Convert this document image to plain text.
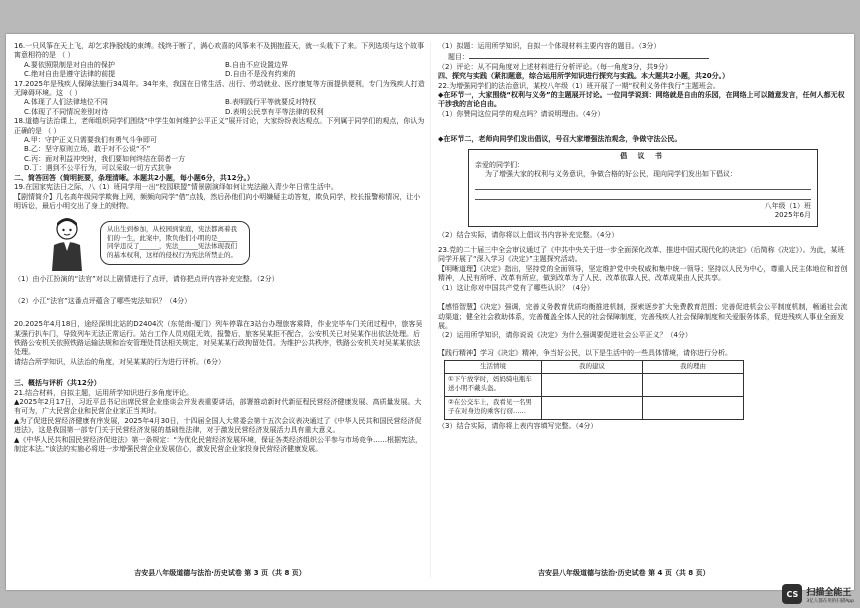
16.一只风筝在天上飞，却乞求挣脱线的束缚。线终于断了，满心欢喜的风筝来不及拥抱蓝天，就一头栽下了来。下列选项与这个故事寓意相符的是 （ ）

A.要依照限制是对自由的保护	B.自由不应设置边界
C.绝对自由是遵守法律的前提	D.自由不是没有约束的

17.2025年是残疾人保障法施行34周年。34年来，我国在日常生活、出行、劳动就业、医疗康复等方面提供便利，专门为残疾人打造无障碍环境。这 （ ）

A.体现了人们法律地位不同	B.表明践行平等就要反对特权
C.体现了不同情况差别对待	D.表明公民享有平等法律的权利

18.道德与法治课上，老师组织同学们围绕“中学生如何维护公平正义”展开讨论，大家纷纷表达观点。下列属于同学们的观点，你认为正确的是 （ ）

A.甲：守护正义只需要我们有勇气斗争即可

B.乙：坚守原则立场，敢于对不公说“不”

C.丙：面对利益冲突时，我们要如何终结在弱者一方

D.丁：遇到不公平行为，可以采取一切方式抗争

二、简答回答（简明扼要，条理清晰。本题共2小题，每小题6分，共12分。）

19.在国家宪法日之际，八（1）班同学用一出“校园联盟”情景剧演绎如何让宪法融入青少年日常生活中。

【剧情简介】几名高年级同学欺侮上网，频频向同学“借”点钱，然后孙他们向小明嫌疑主动答复，欺负同学，校长报警称情况，让小明诉讼，最后小明交出了身上的财物。

从出生到参加，从校园到家庭，宪法都离着我们的一生，此案中，欺负他们小明的是______同学违反了______，宪法______宪法体现我们的基本权利，这样的侵权行为宪法所禁止的。

（1）由小江扮演的“法官”对以上剧情进行了点评，请你把点评内容补充完整。（2分）

（2）小江“法官”这番点评蕴含了哪些宪法知识？（4分）

20.2025年4月18日，途经深圳北站的D2404次（东莞南-厦门）列车停靠在3站台办理旅客乘降，作业完毕车门关闭过程中，旅客吴某强行扒车门，导致列车无法正常运行。站台工作人员劝阻无效，报警后，旅客吴某拒不配合，公安机关已对吴某作出依法处理。后铁路公安机关依照铁路运输法规和治安管理处罚法相关规定，对吴某某行政拘留处罚。为维护公共秩序，铁路公安机关对吴某某依法处理。

请结合所学知识，从法治的角度，对吴某某的行为进行评析。（6分）

三、概括与评析（共12分）

21.结合材料，自拟主题，运用所学知识进行多角度评论。

▲2025年2月17日，习近平总书记出席民营企业座谈会并发表重要讲话，部署推动新时代新征程民营经济健康发展、高质量发展。大有可为，广大民营企业和民营企业家正当其时。

▲为了促进民营经济健康有序发展，2025年4月30日，十四届全国人大常委会第十五次会议表决通过了《中华人民共和国民营经济促进法》，这是我国第一部专门关于民营经济发展的基础性法律，对于激发民营经济发展活力具有重大意义。

▲《中华人民共和国民营经济促进法》第一条规定：“为优化民营经济发展环境，保证各类经济组织公平参与市场竞争……根据宪法，制定本法。”该法的实施必将进一步增强民营企业发展信心，激发民营企业家投身民营经济健康发展。

吉安县八年级道德与法治·历史试卷 第 3 页（共 8 页）

（1）拟题：运用所学知识，自拟一个体现材料主要内容的题目。（3分）

题目：

（2）评论：从不同角度对上述材料进行分析评论。（每一角度3分，共9分）

四、探究与实践（紧扣题意，综合运用所学知识进行探究与实践。本大题共2小题，共20分。）

22.为增强同学们的法治意识，某校八年级（1）班开展了一期“权利义务伴我行”主题班会。

◆在环节一，大家围绕“权利与义务”的主题展开讨论。一位同学说到：网络就是自由的乐园，在网络上可以随意发言，任何人都无权干涉我的言论自由。

（1）你赞同这位同学的观点吗？请说明理由。（4分）

◆在环节二，老师向同学们发出倡议，号召大家增强法治观念，争做守法公民。

倡 议 书

亲爱的同学们：

为了增强大家的权利与义务意识，争做合格的好公民，现向同学们发出如下倡议：

八年级（1）班

2025年6月

（2）结合实际，请你将以上倡议书内容补充完整。（4分）

23.党的二十届三中全会审议通过了《中共中央关于进一步全面深化改革、推进中国式现代化的决定》（后简称《决定》）。为此，某班同学开展了“深入学习《决定》”主题探究活动。

【明晰道理】《决定》指出，坚持党的全面领导，坚定维护党中央权威和集中统一领导；坚持以人民为中心，尊重人民主体地位和首创精神，人民有所呼、改革有所应，做到改革为了人民、改革依靠人民、改革成果由人民共享。

（1）这让你对中国共产党有了哪些认识？（4分）

【感悟智慧】《决定》强调，完善义务教育优质均衡推进机制，探索逐步扩大免费教育范围；完善促进机会公平制度机制，畅通社会流动渠道；健全社会救助体系，完善覆盖全体人民的社会保障制度，完善残疾人社会保障制度和关爱服务体系，促进残疾人事业全面发展。

（2）运用所学知识，请你说说《决定》为什么强调要促进社会公平正义？（4分）

【践行精神】学习《决定》精神，争当好公民，以下是生活中的一些具体情境，请你进行分析。

生活情境	我的建议	我的理由
①下午放学时，妈妈骑电瓶车送小明不戴头盔。		
②在公交车上，我看见一名男子在对身边的乘客行窃……		

（3）结合实际，请你将上表内容填写完整。（4分）

吉安县八年级道德与法治·历史试卷 第 4 页（共 8 页）
CS 扫描全能王
3亿人都在用的扫描App
